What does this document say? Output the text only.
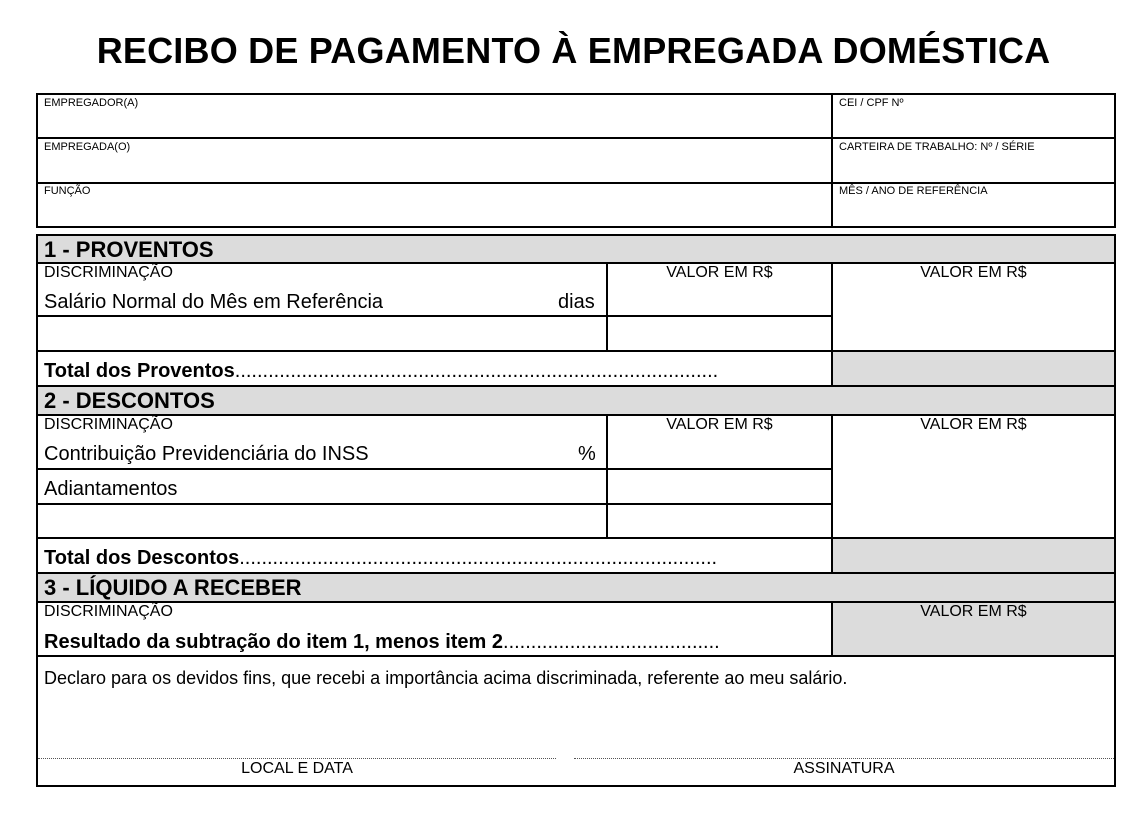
RECIBO DE PAGAMENTO À EMPREGADA DOMÉSTICA
EMPREGADOR(A)	CEI / CPF Nº
EMPREGADA(O)	CARTEIRA DE TRABALHO: Nº / SÉRIE
FUNÇÃO	MÊS / ANO DE REFERÊNCIA
1 - PROVENTOS
DISCRIMINAÇÃO	VALOR EM R$	VALOR EM R$
Salário Normal do Mês em Referência	dias
Total dos Proventos.......................................................................................
2 - DESCONTOS
DISCRIMINAÇÃO	VALOR EM R$	VALOR EM R$
Contribuição Previdenciária do INSS	%
Adiantamentos
Total dos Descontos......................................................................................
3 - LÍQUIDO A RECEBER
DISCRIMINAÇÃO	VALOR EM R$
Resultado da subtração do item 1, menos item 2.......................................
Declaro para os devidos fins, que recebi a importância acima discriminada, referente ao meu salário.
LOCAL E DATA	ASSINATURA
